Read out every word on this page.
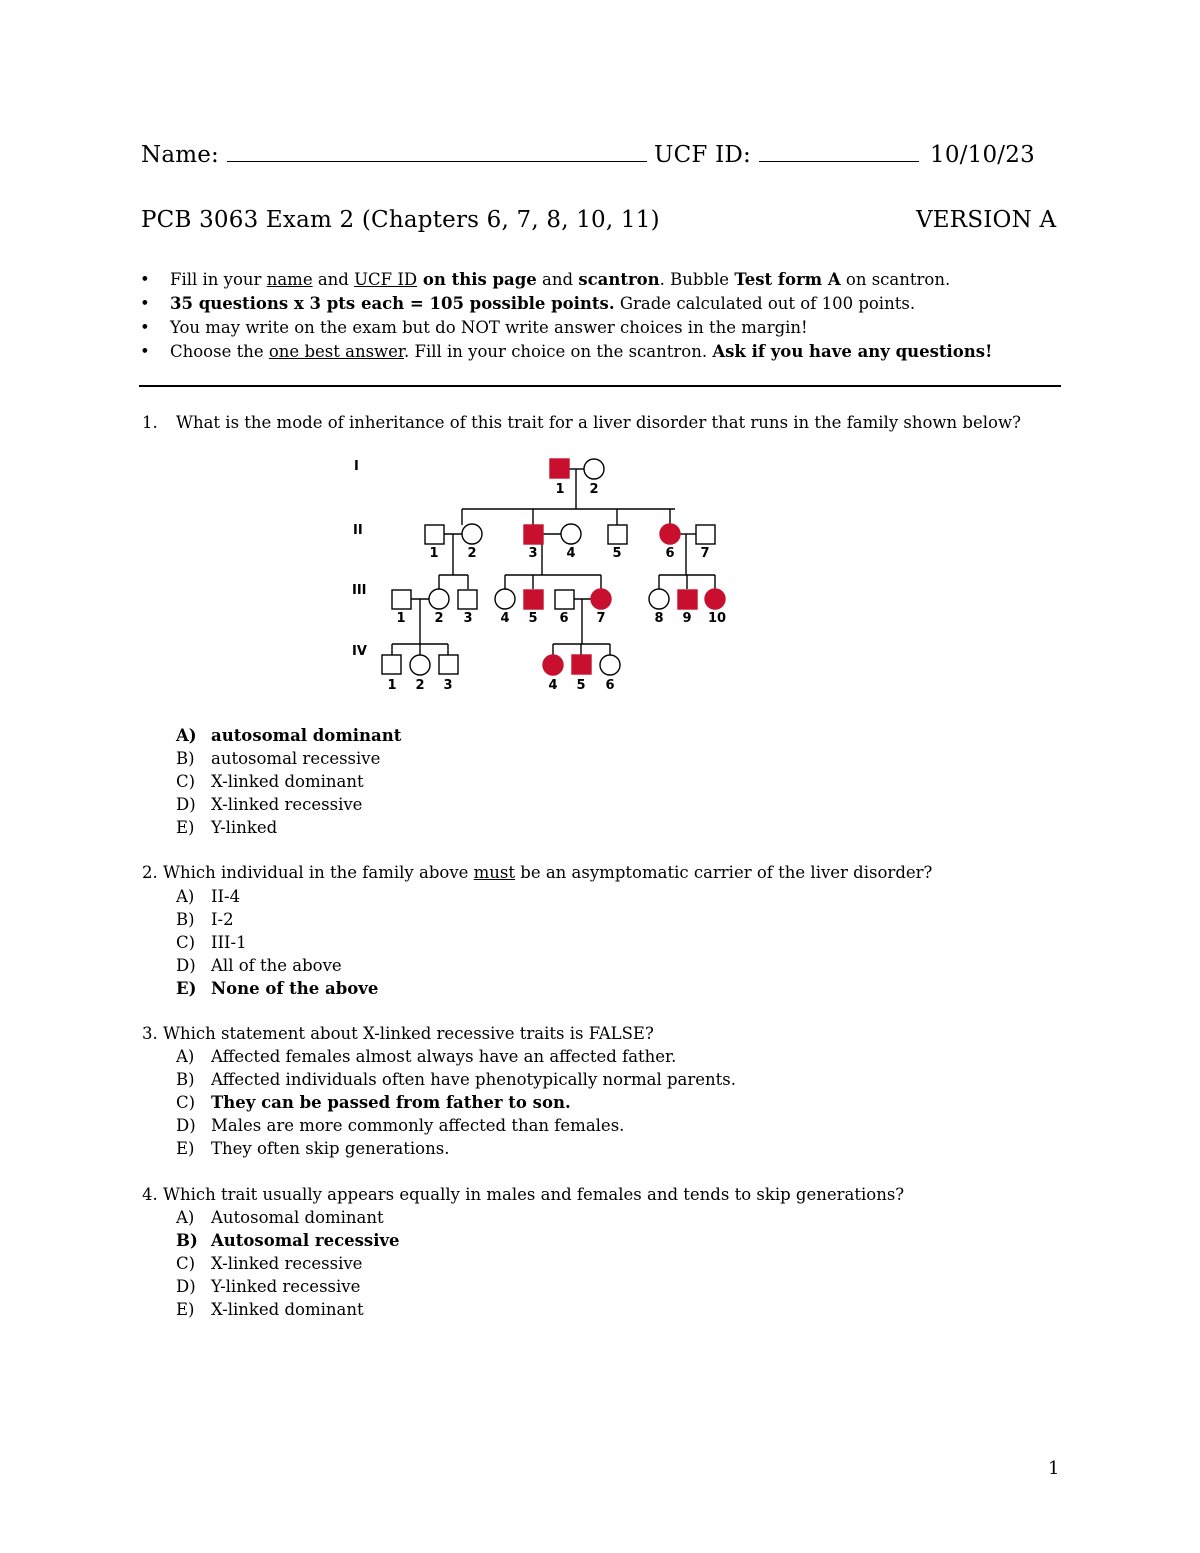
Name:	UCF ID:	10/10/23
PCB 3063 Exam 2 (Chapters 6, 7, 8, 10, 11)	VERSION A
• Fill in your name and UCF ID on this page and scantron. Bubble Test form A on scantron.
• 35 questions x 3 pts each = 105 possible points. Grade calculated out of 100 points.
• You may write on the exam but do NOT write answer choices in the margin!
• Choose the one best answer. Fill in your choice on the scantron. Ask if you have any questions!
1. What is the mode of inheritance of this trait for a liver disorder that runs in the family shown below?
I
II
III
IV
1 2
1 2	3 4	5	6 7
1 2 3 4 5 6 7	8 9 10
1 2 3	4 5 6
A) autosomal dominant
B) autosomal recessive
C) X-linked dominant
D) X-linked recessive
E) Y-linked
2. Which individual in the family above must be an asymptomatic carrier of the liver disorder?
A) II-4
B) I-2
C) III-1
D) All of the above
E) None of the above
3. Which statement about X-linked recessive traits is FALSE?
A) Affected females almost always have an affected father.
B) Affected individuals often have phenotypically normal parents.
C) They can be passed from father to son.
D) Males are more commonly affected than females.
E) They often skip generations.
4. Which trait usually appears equally in males and females and tends to skip generations?
A) Autosomal dominant
B) Autosomal recessive
C) X-linked recessive
D) Y-linked recessive
E) X-linked dominant
1
